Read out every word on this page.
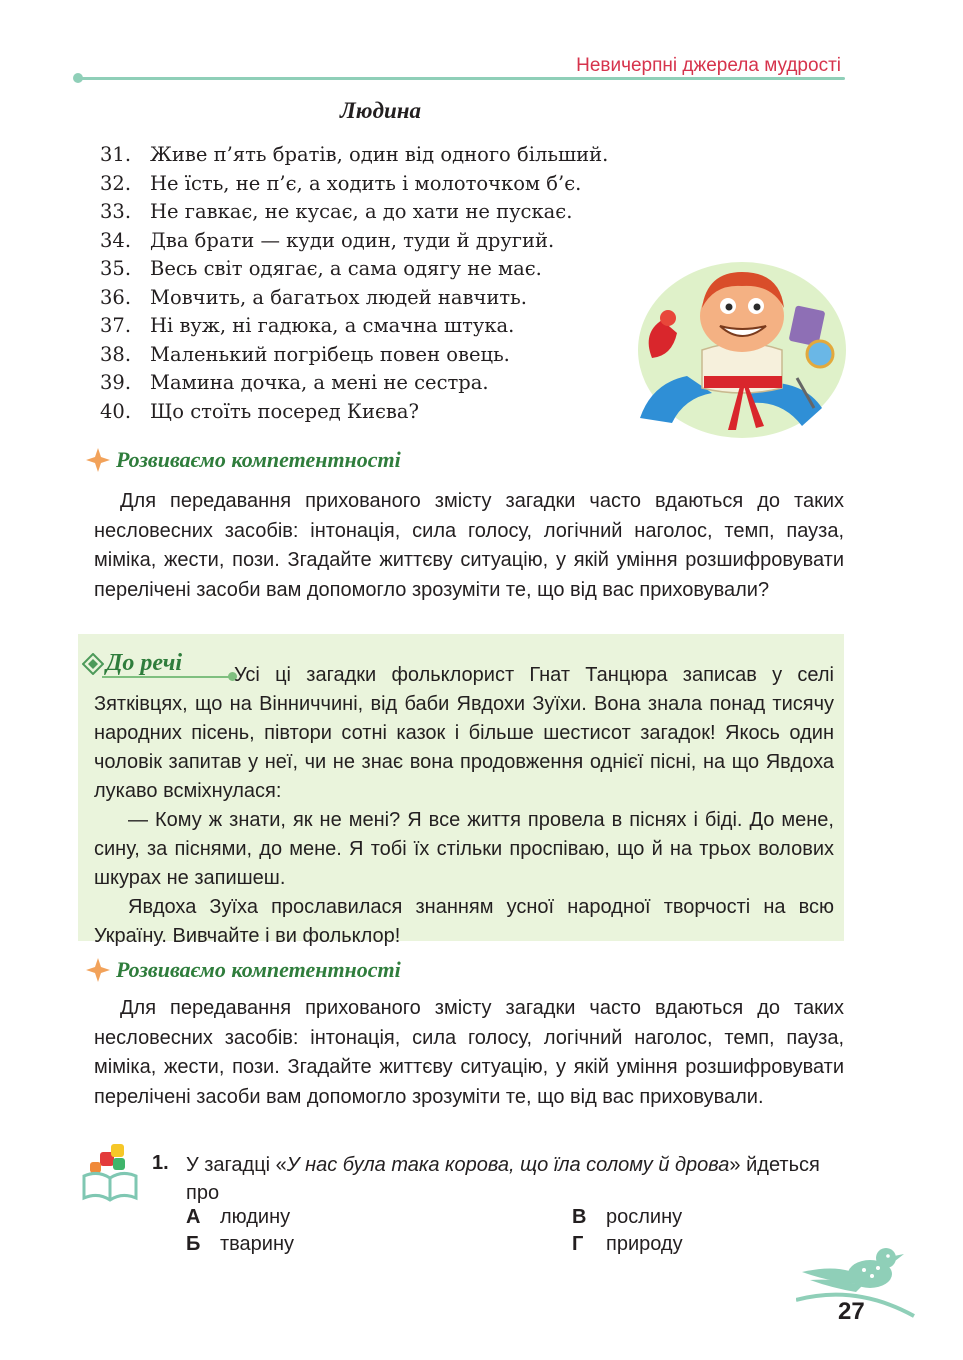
Невичерпні джерела мудрості
Людина
31. Живе п’ять братів, один від одного більший.
32. Не їсть, не п’є, а ходить і молоточком б’є.
33. Не гавкає, не кусає, а до хати не пускає.
34. Два брати — куди один, туди й другий.
35. Весь світ одягає, а сама одягу не має.
36. Мовчить, а багатьох людей навчить.
37. Ні вуж, ні гадюка, а смачна штука.
38. Маленький погрібець повен овець.
39. Мамина дочка, а мені не сестра.
40. Що стоїть посеред Києва?
Розвиваємо компетентності

Для передавання прихованого змісту загадки часто вдаються до таких несловесних засобів: інтонація, сила голосу, логічний наголос, темп, пауза, міміка, жести, пози. Згадайте життєву ситуацію, у якій уміння розшифровувати перелічені засоби вам допомогло зрозуміти те, що від вас приховували?

До речі	Усі ці загадки фольклорист Гнат Танцюра записав у селі Зятківцях, що на Вінниччині, від баби Явдохи Зуїхи. Вона знала понад тисячу народних пісень, півтори сотні казок і більше шестисот загадок! Якось один чоловік запитав у неї, чи не знає вона продовження однієї пісні, на що Явдоха лукаво всміхнулася:

— Кому ж знати, як не мені? Я все життя провела в піснях і біді. До мене, сину, за піснями, до мене. Я тобі їх стільки проспіваю, що й на трьох волових шкурах не запишеш.

Явдоха Зуїха прославилася знанням усної народної творчості на всю Україну. Вивчайте і ви фольклор!

Розвиваємо компетентності

Для передавання прихованого змісту загадки часто вдаються до таких несловесних засобів: інтонація, сила голосу, логічний наголос, темп, пауза, міміка, жести, пози. Згадайте життєву ситуацію, у якій уміння розшифровувати перелічені засоби вам допомогло зрозуміти те, що від вас приховували.

1. У загадці «У нас була така корова, що їла солому й дрова» йдеться про
А людину
Б тварину
В рослину
Г природу
27
